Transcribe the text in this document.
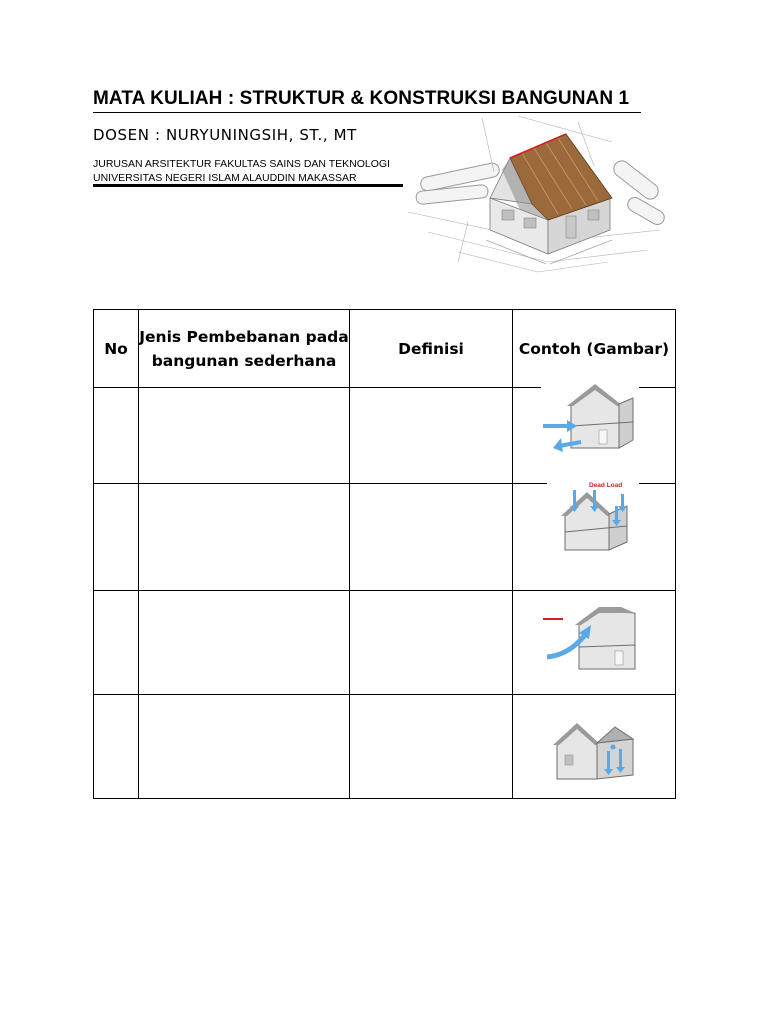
MATA KULIAH : STRUKTUR & KONSTRUKSI BANGUNAN 1
DOSEN : NURYUNINGSIH, ST., MT
JURUSAN ARSITEKTUR FAKULTAS SAINS DAN TEKNOLOGI
UNIVERSITAS NEGERI ISLAM ALAUDDIN MAKASSAR
No	Jenis Pembebanan pada bangunan sederhana	Definisi	Contoh (Gambar)

Dead Load
